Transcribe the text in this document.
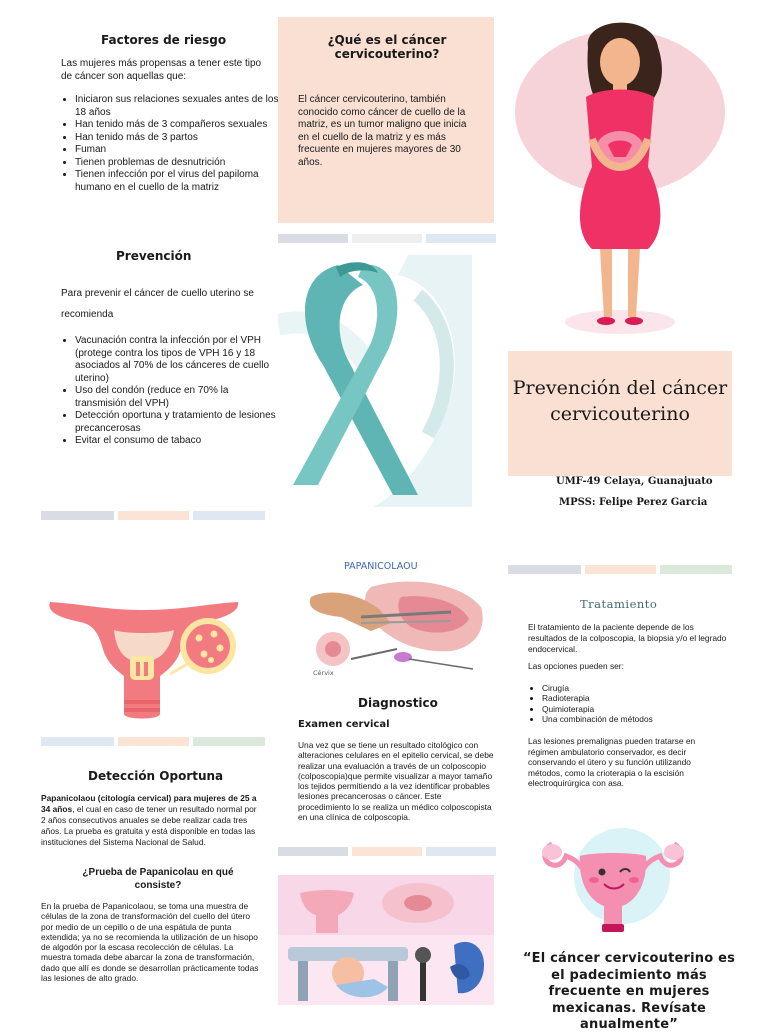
Factores de riesgo

Las mujeres más propensas a tener este tipo de cáncer son aquellas que:

• Iniciaron sus relaciones sexuales antes de los 18 años
• Han tenido más de 3 compañeros sexuales
• Han tenido más de 3 partos
• Fuman
• Tienen problemas de desnutrición
• Tienen infección por el virus del papiloma humano en el cuello de la matriz
Prevención

Para prevenir el cáncer de cuello uterino se recomienda

• Vacunación contra la infección por el VPH (protege contra los tipos de VPH 16 y 18 asociados al 70% de los cánceres de cuello uterino)
• Uso del condón (reduce en 70% la transmisión del VPH)
• Detección oportuna y tratamiento de lesiones precancerosas
• Evitar el consumo de tabaco
¿Qué es el cáncer cervicouterino?

El cáncer cervicouterino, también conocido como cáncer de cuello de la matriz, es un tumor maligno que inicia en el cuello de la matriz y es más frecuente en mujeres mayores de 30 años.

Prevención del cáncer cervicouterino
UMF-49 Celaya, Guanajuato
MPSS: Felipe Perez Garcia
Detección Oportuna

Papanicolaou (citología cervical) para mujeres de 25 a 34 años, el cual en caso de tener un resultado normal por 2 años consecutivos anuales se debe realizar cada tres años. La prueba es gratuita y está disponible en todas las instituciones del Sistema Nacional de Salud.

¿Prueba de Papanicolau en qué consiste?

En la prueba de Papanicolaou, se toma una muestra de células de la zona de transformación del cuello del útero por medio de un cepillo o de una espátula de punta extendida; ya no se recomienda la utilización de un hisopo de algodón por la escasa recolección de células. La muestra tomada debe abarcar la zona de transformación, dado que allí es donde se desarrollan prácticamente todas las lesiones de alto grado.

PAPANICOLAOU
Cérvix
Diagnostico
Examen cervical

Una vez que se tiene un resultado citológico con alteraciones celulares en el epitelio cervical, se debe realizar una evaluación a través de un colposcopio (colposcopia)que permite visualizar a mayor tamaño los tejidos permitiendo a la vez identificar probables lesiones precancerosas o cáncer. Este procedimiento lo se realiza un médico colposcopista en una clínica de colposcopia.

Tratamiento

El tratamiento de la paciente depende de los resultados de la colposcopia, la biopsia y/o el legrado endocervical.

Las opciones pueden ser:

• Cirugía
• Radioterapia
• Quimioterapia
• Una combinación de métodos

Las lesiones premalignas pueden tratarse en régimen ambulatorio conservador, es decir conservando el útero y su función utilizando métodos, como la crioterapia o la escisión electroquirúrgica con asa.

“El cáncer cervicouterino es el padecimiento más frecuente en mujeres mexicanas. Revísate anualmente”
